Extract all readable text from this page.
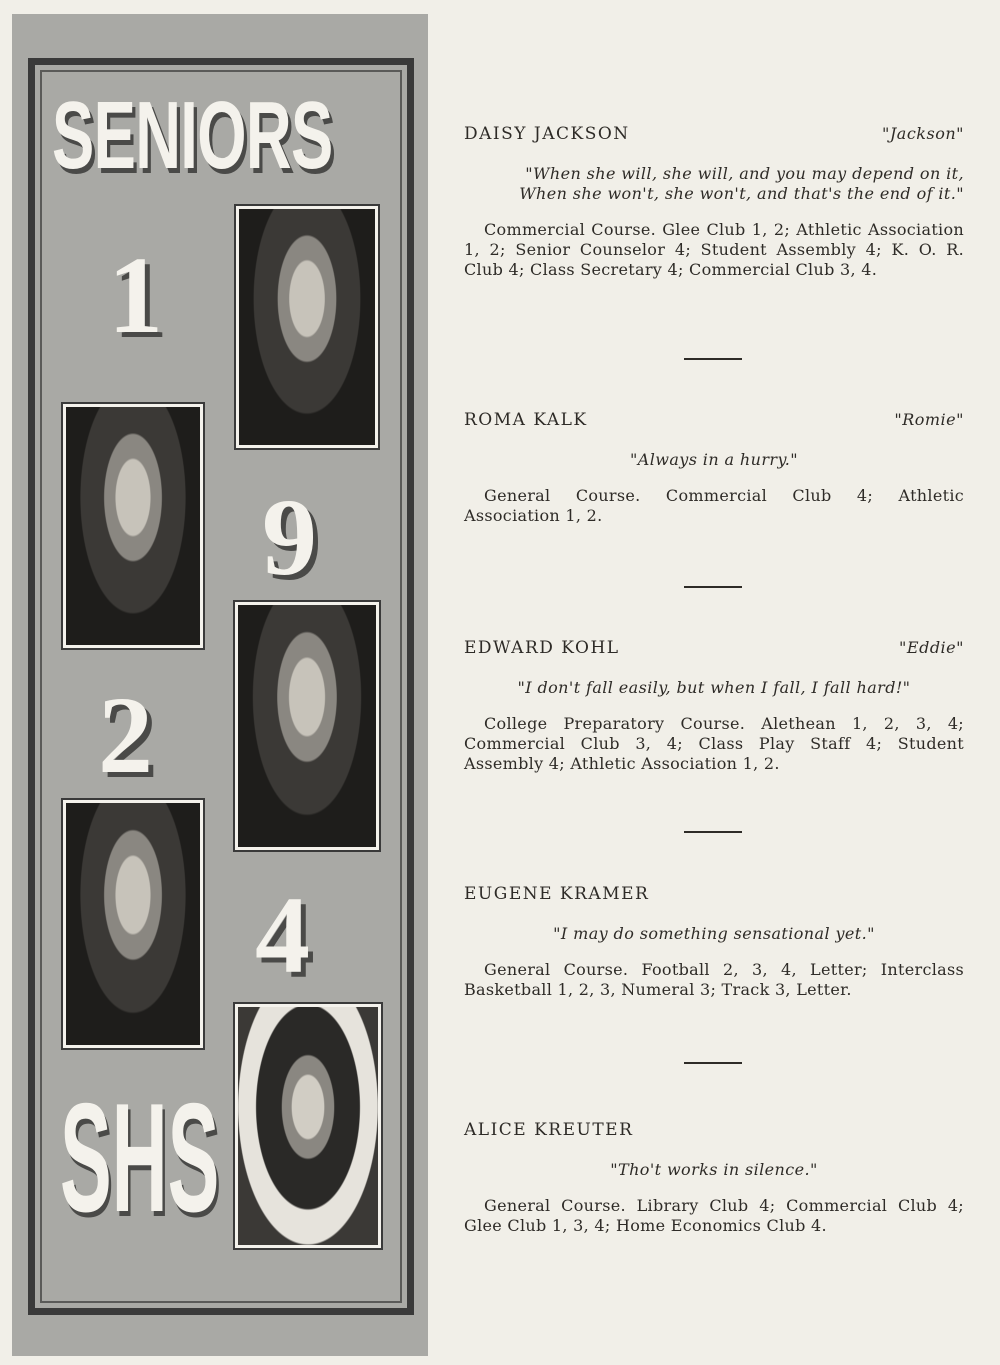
SENIORS
1
9
2
4
SHS
DAISY JACKSON	"Jackson"

"When she will, she will, and you may depend on it,
When she won't, she won't, and that's the end of it."

Commercial Course. Glee Club 1, 2; Athletic Association 1, 2; Senior Counselor 4; Student Assembly 4; K. O. R. Club 4; Class Secretary 4; Commercial Club 3, 4.

ROMA KALK	"Romie"

"Always in a hurry."

General Course. Commercial Club 4; Athletic Association 1, 2.

EDWARD KOHL	"Eddie"

"I don't fall easily, but when I fall, I fall hard!"

College Preparatory Course. Alethean 1, 2, 3, 4; Commercial Club 3, 4; Class Play Staff 4; Student Assembly 4; Athletic Association 1, 2.

EUGENE KRAMER

"I may do something sensational yet."

General Course. Football 2, 3, 4, Letter; Interclass Basketball 1, 2, 3, Numeral 3; Track 3, Letter.

ALICE KREUTER

"Tho't works in silence."

General Course. Library Club 4; Commercial Club 4; Glee Club 1, 3, 4; Home Economics Club 4.
